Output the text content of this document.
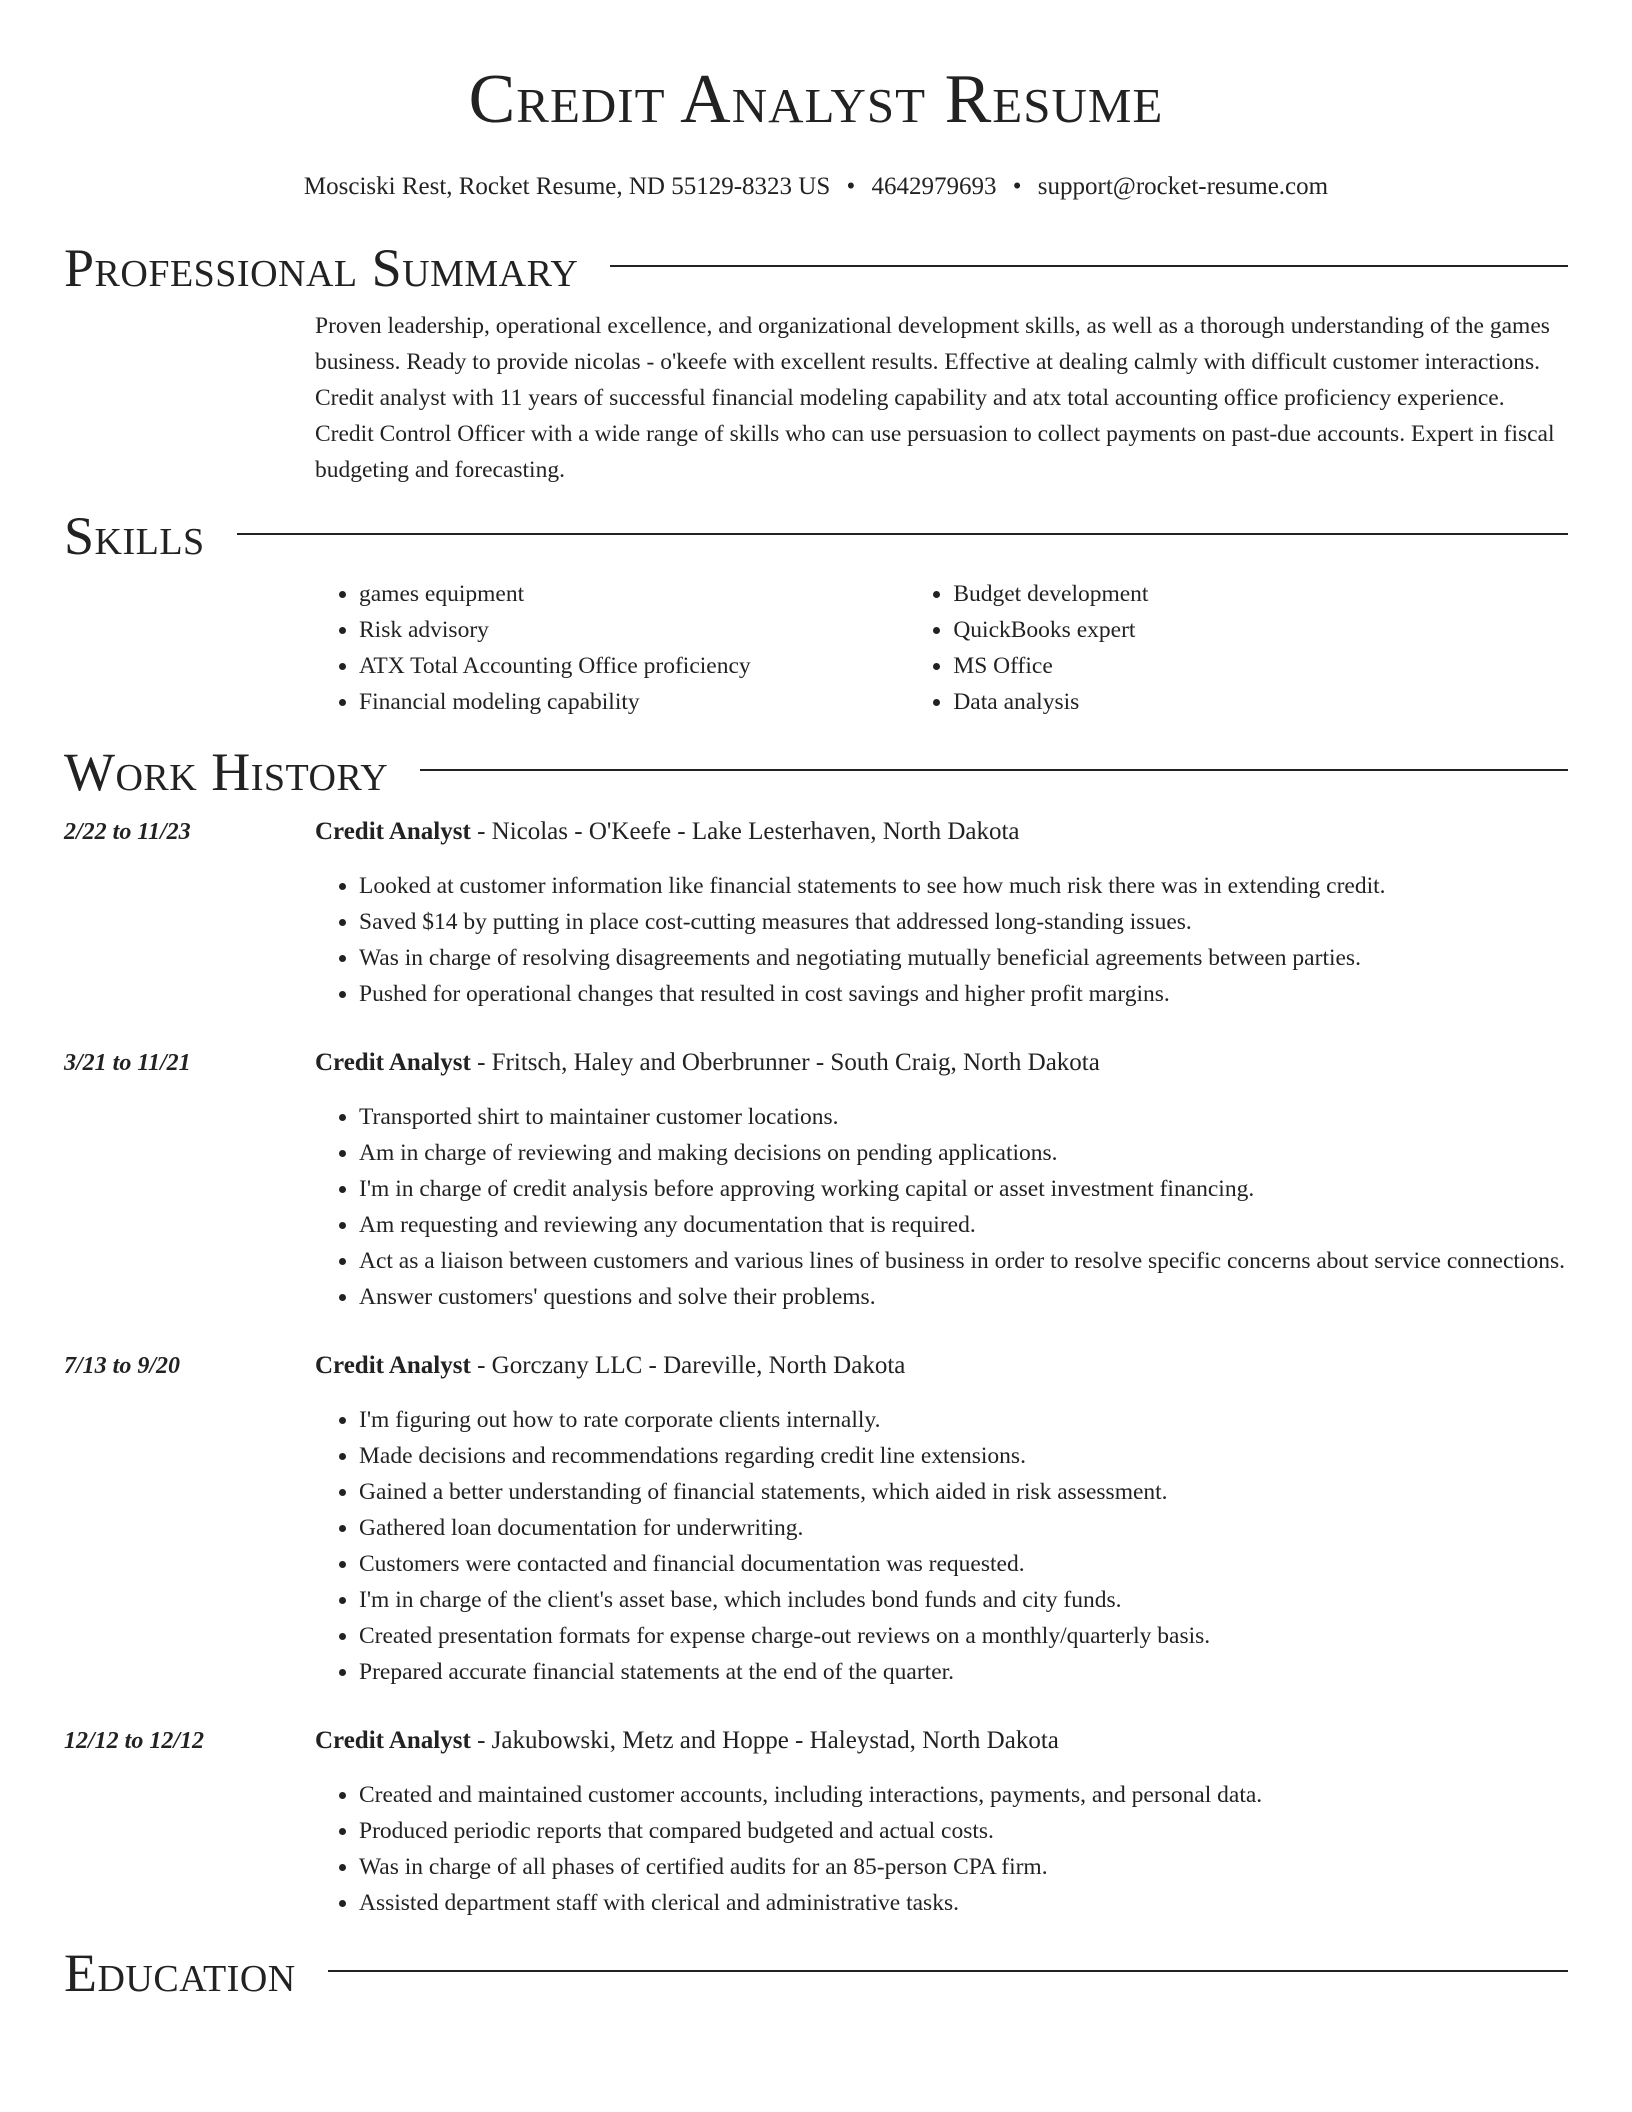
Credit Analyst Resume
Mosciski Rest, Rocket Resume, ND 55129-8323 US • 4642979693 • support@rocket-resume.com
Professional Summary

Proven leadership, operational excellence, and organizational development skills, as well as a thorough understanding of the games business. Ready to provide nicolas - o'keefe with excellent results. Effective at dealing calmly with difficult customer interactions. Credit analyst with 11 years of successful financial modeling capability and atx total accounting office proficiency experience. Credit Control Officer with a wide range of skills who can use persuasion to collect payments on past-due accounts. Expert in fiscal budgeting and forecasting.

Skills
• games equipment
• Risk advisory
• ATX Total Accounting Office proficiency
• Financial modeling capability
• Budget development
• QuickBooks expert
• MS Office
• Data analysis
Work History
2/22 to 11/23	Credit Analyst - Nicolas - O'Keefe - Lake Lesterhaven, North Dakota

• Looked at customer information like financial statements to see how much risk there was in extending credit.
• Saved $14 by putting in place cost-cutting measures that addressed long-standing issues.
• Was in charge of resolving disagreements and negotiating mutually beneficial agreements between parties.
• Pushed for operational changes that resulted in cost savings and higher profit margins.
3/21 to 11/21	Credit Analyst - Fritsch, Haley and Oberbrunner - South Craig, North Dakota

• Transported shirt to maintainer customer locations.
• Am in charge of reviewing and making decisions on pending applications.
• I'm in charge of credit analysis before approving working capital or asset investment financing.
• Am requesting and reviewing any documentation that is required.
• Act as a liaison between customers and various lines of business in order to resolve specific concerns about service connections.
• Answer customers' questions and solve their problems.
7/13 to 9/20	Credit Analyst - Gorczany LLC - Dareville, North Dakota

• I'm figuring out how to rate corporate clients internally.
• Made decisions and recommendations regarding credit line extensions.
• Gained a better understanding of financial statements, which aided in risk assessment.
• Gathered loan documentation for underwriting.
• Customers were contacted and financial documentation was requested.
• I'm in charge of the client's asset base, which includes bond funds and city funds.
• Created presentation formats for expense charge-out reviews on a monthly/quarterly basis.
• Prepared accurate financial statements at the end of the quarter.
12/12 to 12/12	Credit Analyst - Jakubowski, Metz and Hoppe - Haleystad, North Dakota

• Created and maintained customer accounts, including interactions, payments, and personal data.
• Produced periodic reports that compared budgeted and actual costs.
• Was in charge of all phases of certified audits for an 85-person CPA firm.
• Assisted department staff with clerical and administrative tasks.
Education
